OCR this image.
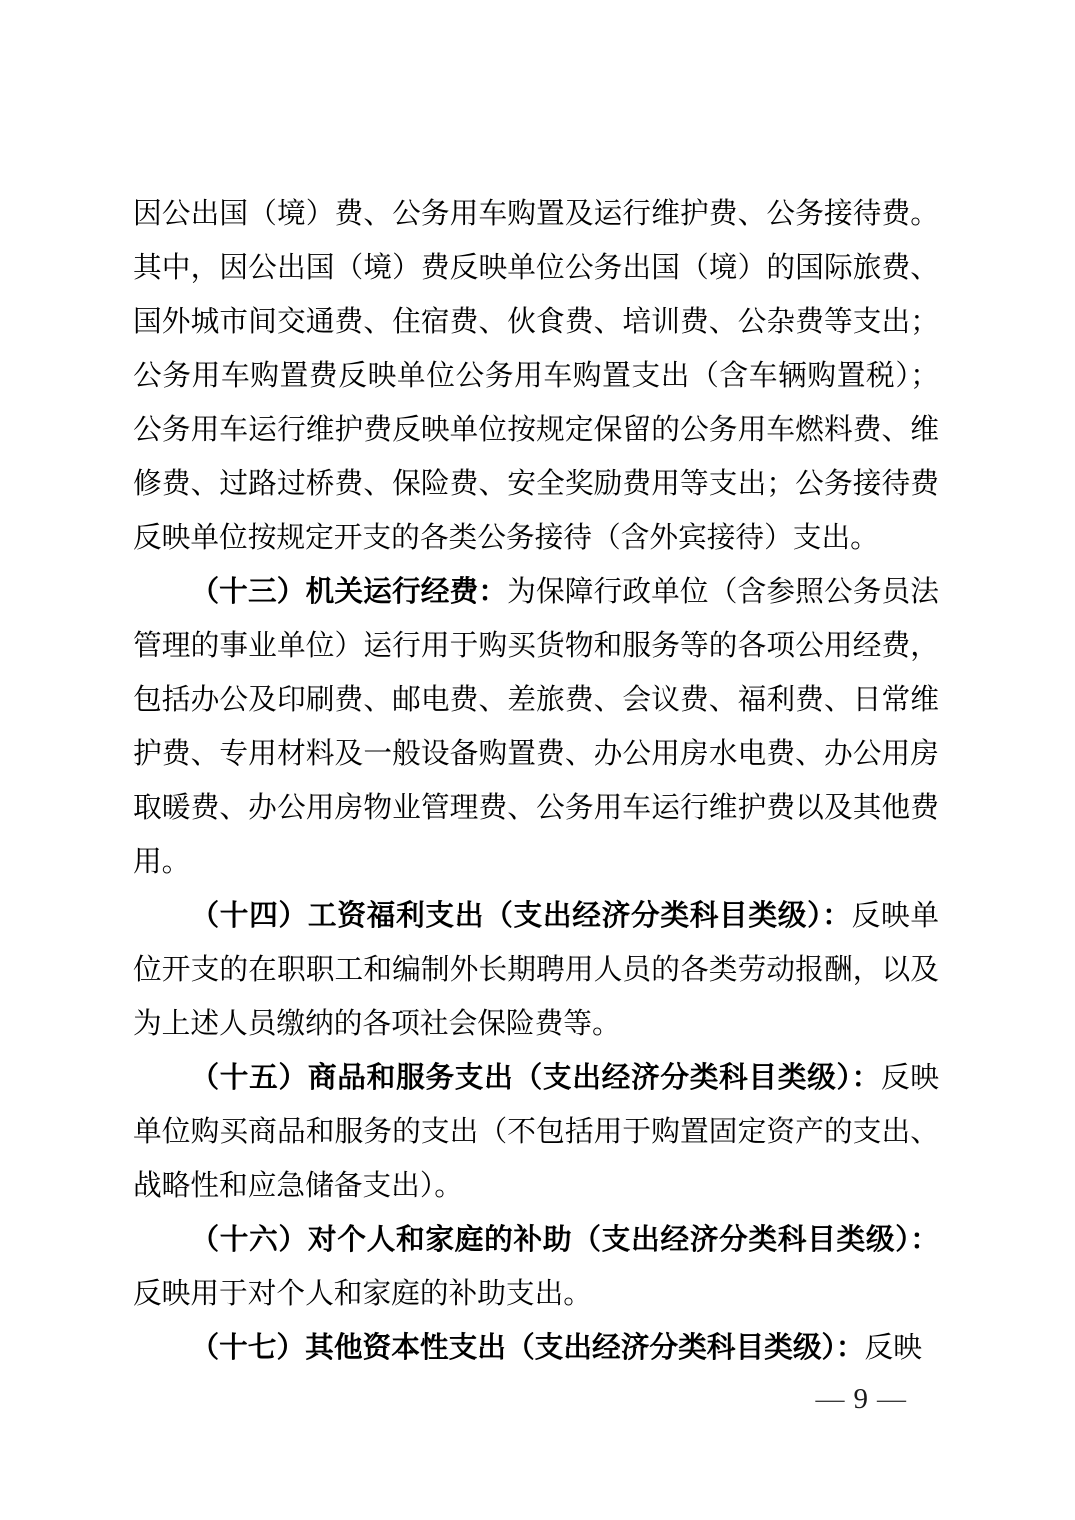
因公出国（境）费、公务用车购置及运行维护费、公务接待费。其中，因公出国（境）费反映单位公务出国（境）的国际旅费、国外城市间交通费、住宿费、伙食费、培训费、公杂费等支出；公务用车购置费反映单位公务用车购置支出（含车辆购置税）；公务用车运行维护费反映单位按规定保留的公务用车燃料费、维修费、过路过桥费、保险费、安全奖励费用等支出；公务接待费反映单位按规定开支的各类公务接待（含外宾接待）支出。

（十三）机关运行经费：为保障行政单位（含参照公务员法管理的事业单位）运行用于购买货物和服务等的各项公用经费，包括办公及印刷费、邮电费、差旅费、会议费、福利费、日常维护费、专用材料及一般设备购置费、办公用房水电费、办公用房取暖费、办公用房物业管理费、公务用车运行维护费以及其他费用。

（十四）工资福利支出（支出经济分类科目类级）：反映单位开支的在职职工和编制外长期聘用人员的各类劳动报酬，以及为上述人员缴纳的各项社会保险费等。

（十五）商品和服务支出（支出经济分类科目类级）：反映单位购买商品和服务的支出（不包括用于购置固定资产的支出、战略性和应急储备支出）。

（十六）对个人和家庭的补助（支出经济分类科目类级）：反映用于对个人和家庭的补助支出。

（十七）其他资本性支出（支出经济分类科目类级）：反映

— 9 —
